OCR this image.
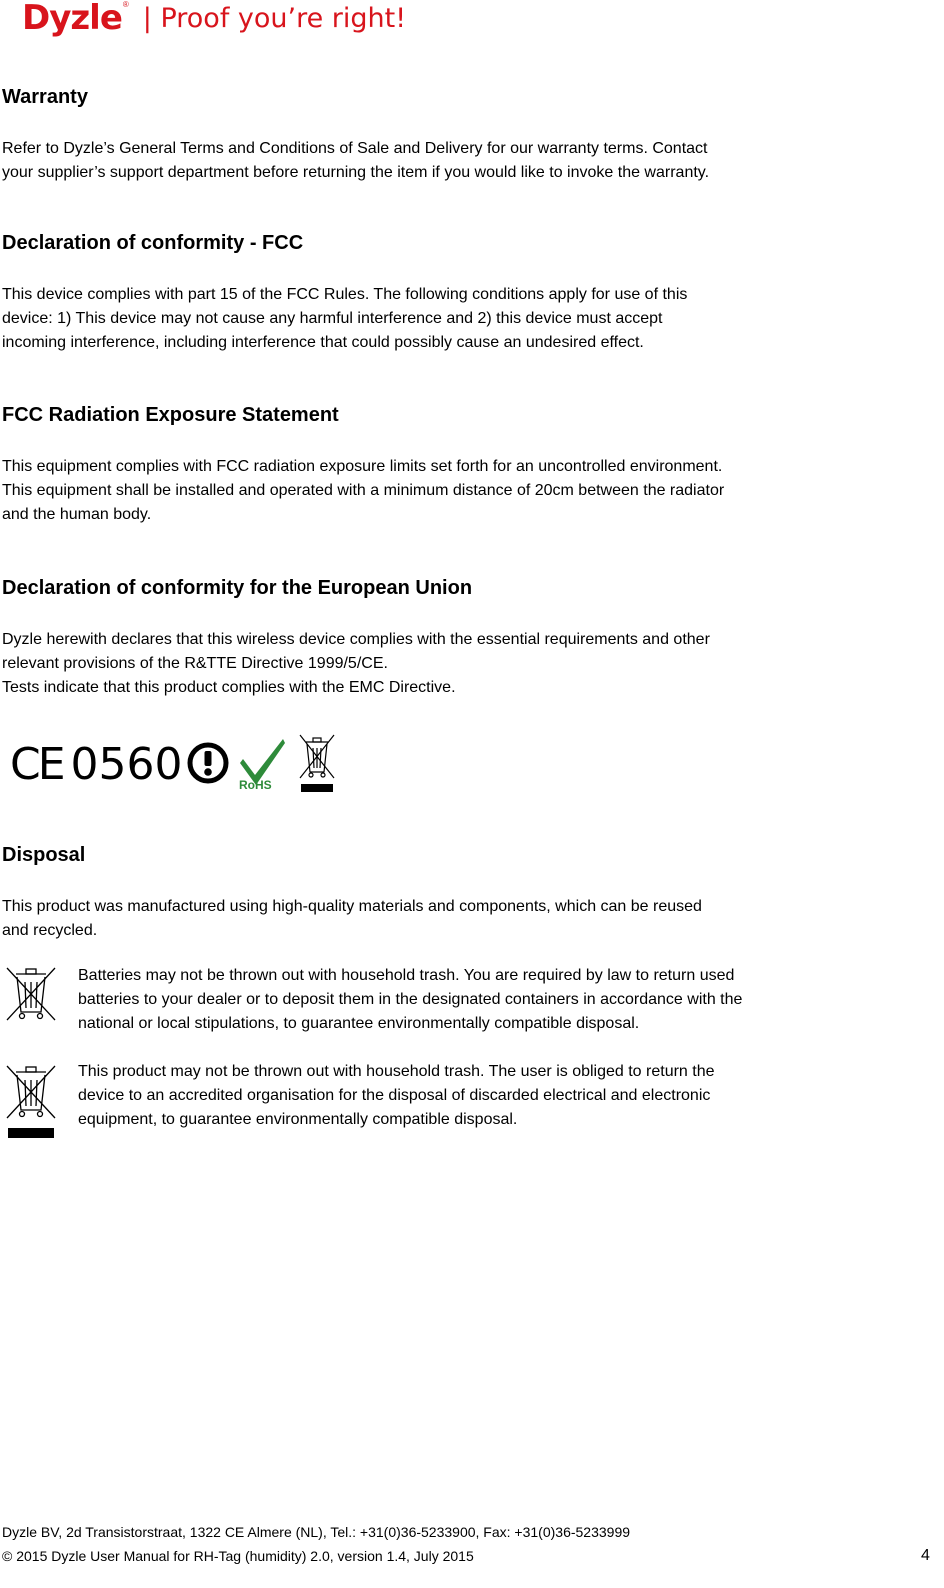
Dyzle ® | Proof you’re right!
Warranty

Refer to Dyzle’s General Terms and Conditions of Sale and Delivery for our warranty terms. Contact

your supplier’s support department before returning the item if you would like to invoke the warranty.

Declaration of conformity - FCC

This device complies with part 15 of the FCC Rules. The following conditions apply for use of this

device: 1) This device may not cause any harmful interference and 2) this device must accept

incoming interference, including interference that could possibly cause an undesired effect.

FCC Radiation Exposure Statement

This equipment complies with FCC radiation exposure limits set forth for an uncontrolled environment.

This equipment shall be installed and operated with a minimum distance of 20cm between the radiator

and the human body.

Declaration of conformity for the European Union

Dyzle herewith declares that this wireless device complies with the essential requirements and other

relevant provisions of the R&TTE Directive 1999/5/CE.

Tests indicate that this product complies with the EMC Directive.

CE 0560	RoHS
Disposal

This product was manufactured using high-quality materials and components, which can be reused

and recycled.

Batteries may not be thrown out with household trash. You are required by law to return used

batteries to your dealer or to deposit them in the designated containers in accordance with the

national or local stipulations, to guarantee environmentally compatible disposal.

This product may not be thrown out with household trash. The user is obliged to return the

device to an accredited organisation for the disposal of discarded electrical and electronic

equipment, to guarantee environmentally compatible disposal.

Dyzle BV, 2d Transistorstraat, 1322 CE Almere (NL), Tel.: +31(0)36-5233900, Fax: +31(0)36-5233999
© 2015 Dyzle User Manual for RH-Tag (humidity) 2.0, version 1.4, July 2015	4
